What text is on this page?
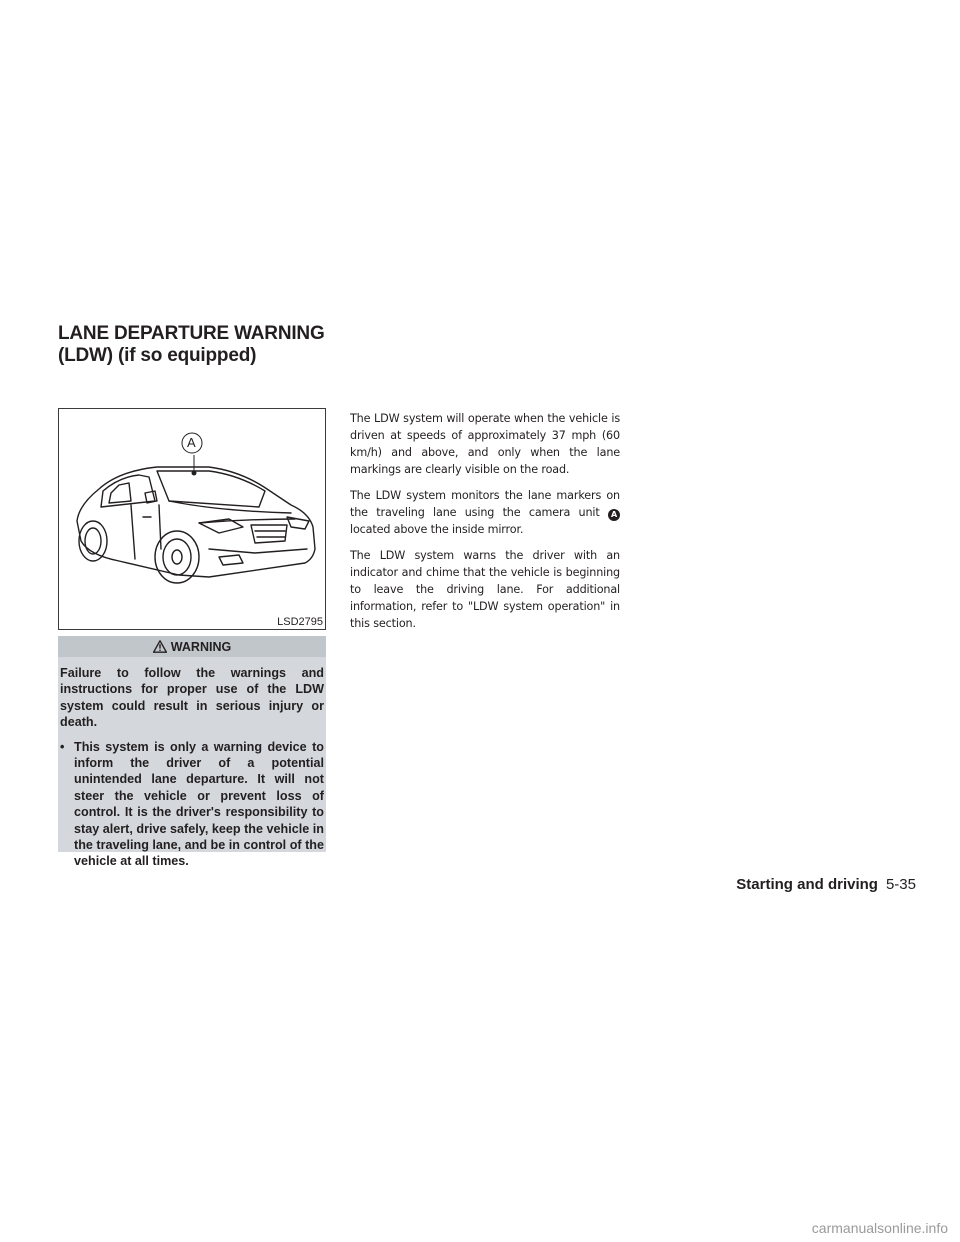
LANE DEPARTURE WARNING (LDW) (if so equipped)
A
LSD2795
WARNING

Failure to follow the warnings and instructions for proper use of the LDW system could result in serious injury or death.

• This system is only a warning device to inform the driver of a potential unintended lane departure. It will not steer the vehicle or prevent loss of control. It is the driver's responsibility to stay alert, drive safely, keep the vehicle in the traveling lane, and be in control of the vehicle at all times.

The LDW system will operate when the vehicle is driven at speeds of approximately 37 mph (60 km/h) and above, and only when the lane markings are clearly visible on the road.

The LDW system monitors the lane markers on the traveling lane using the camera unit A located above the inside mirror.

The LDW system warns the driver with an indicator and chime that the vehicle is beginning to leave the driving lane. For additional information, refer to "LDW system operation" in this section.

Starting and driving 5-35
carmanualsonline.info
